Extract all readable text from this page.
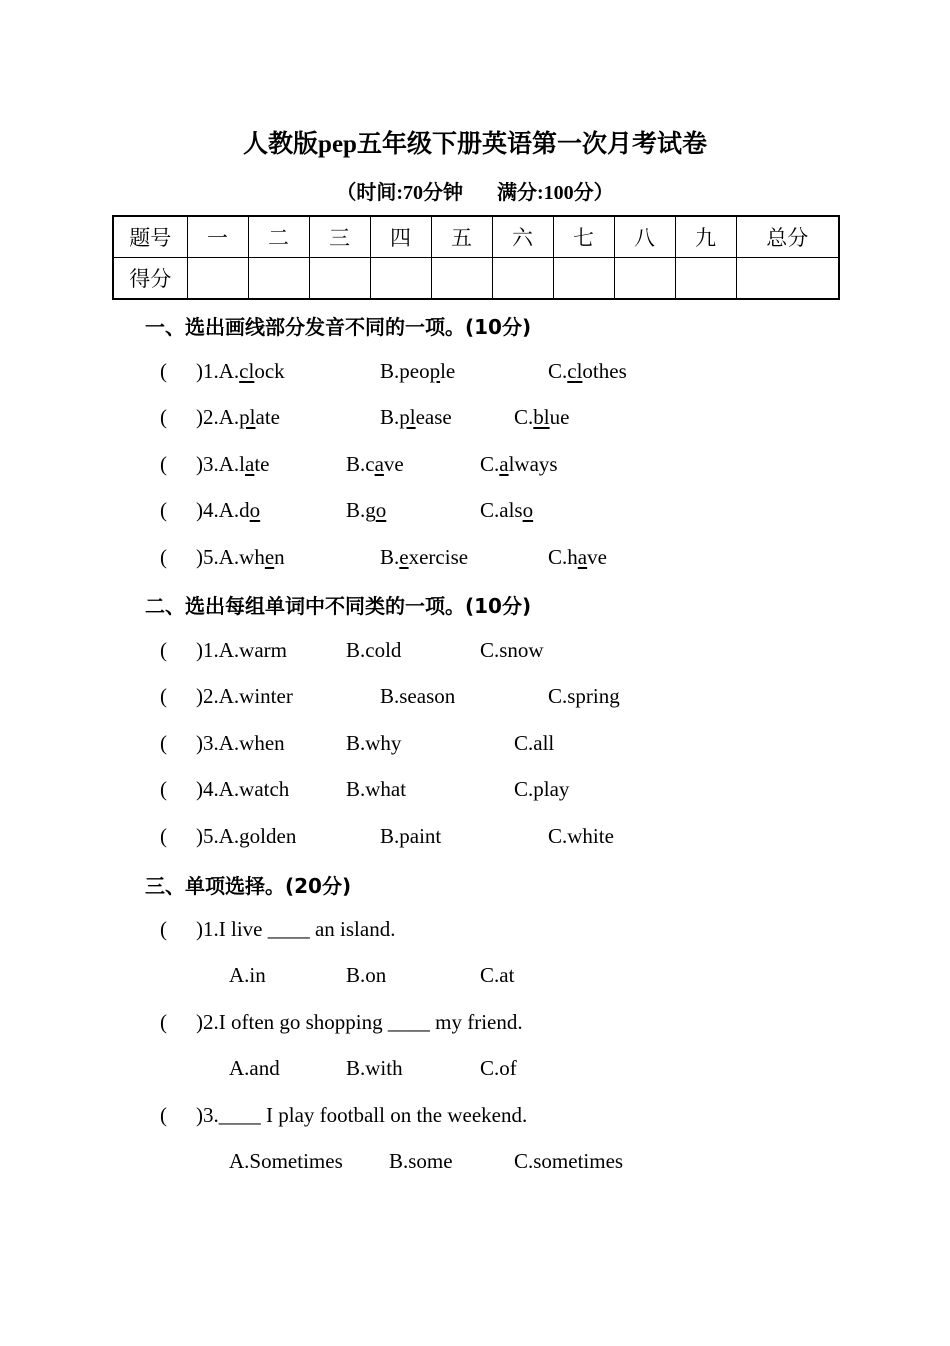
人教版pep五年级下册英语第一次月考试卷
（时间:70分钟 满分:100分）
题号	一	二	三	四	五	六	七	八	九	总分
得分										
一、选出画线部分发音不同的一项。(10分)
( )1.A.clock	B.people	C.clothes
( )2.A.plate	B.please	C.blue
( )3.A.late	B.cave	C.always
( )4.A.do	B.go	C.also
( )5.A.when	B.exercise	C.have
二、选出每组单词中不同类的一项。(10分)
( )1.A.warm	B.cold	C.snow
( )2.A.winter	B.season	C.spring
( )3.A.when	B.why	C.all
( )4.A.watch	B.what	C.play
( )5.A.golden	B.paint	C.white
三、单项选择。(20分)
( )1.I live ____ an island.
A.in	B.on	C.at
( )2.I often go shopping ____ my friend.
A.and	B.with	C.of
( )3.____ I play football on the weekend.
A.Sometimes B.some	C.sometimes
